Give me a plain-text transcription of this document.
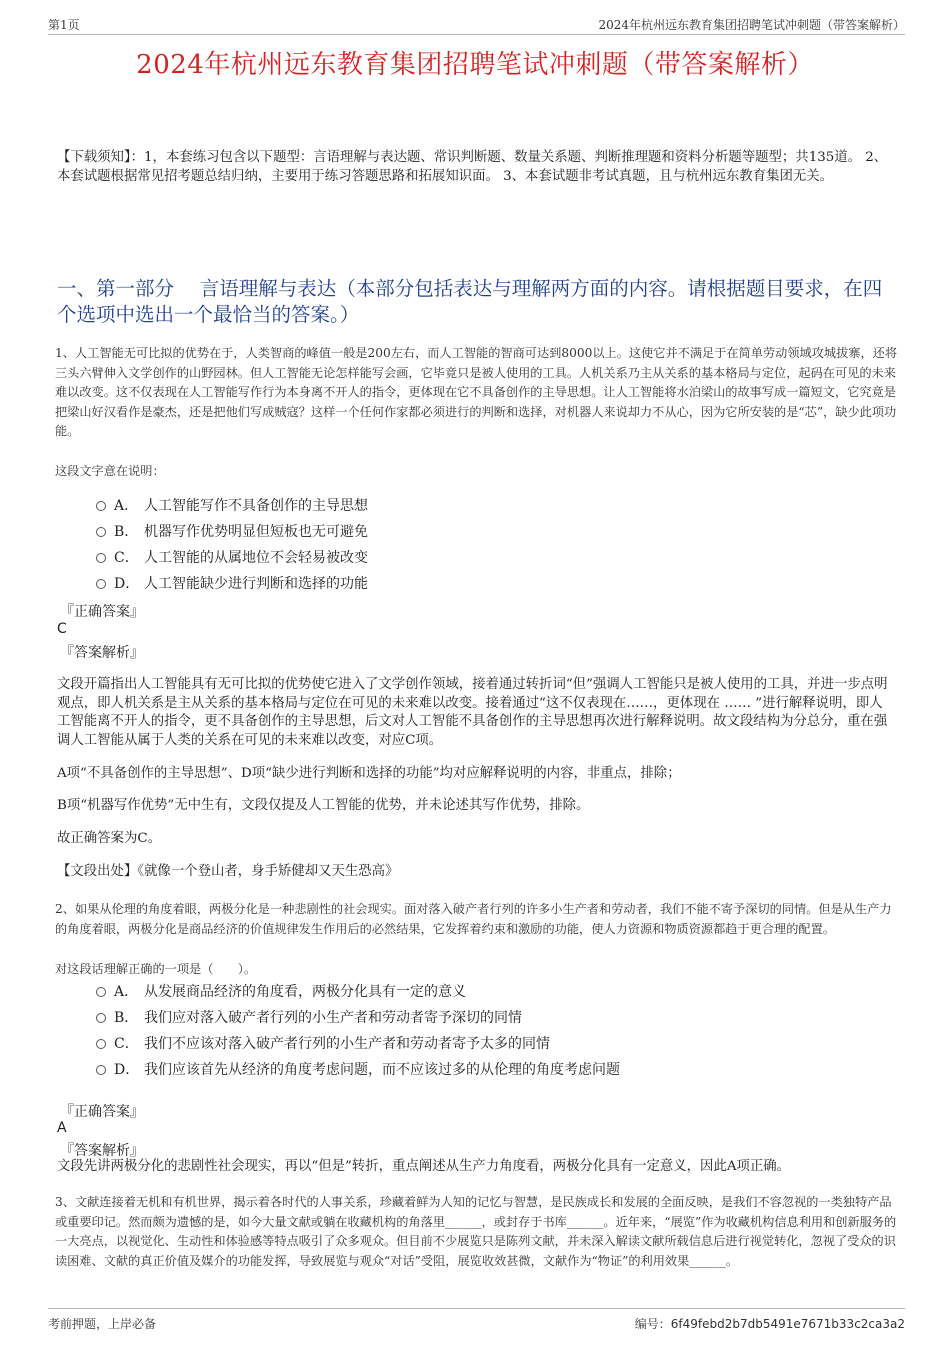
第1页	2024年杭州远东教育集团招聘笔试冲刺题（带答案解析）
2024年杭州远东教育集团招聘笔试冲刺题（带答案解析）
【下载须知】：1，本套练习包含以下题型：言语理解与表达题、常识判断题、数量关系题、判断推理题和资料分析题等题型；共135道。 2、本套试题根据常见招考题总结归纳，主要用于练习答题思路和拓展知识面。 3、本套试题非考试真题，且与杭州远东教育集团无关。
一、第一部分　 言语理解与表达（本部分包括表达与理解两方面的内容。请根据题目要求，在四个选项中选出一个最恰当的答案。）
1、人工智能无可比拟的优势在于，人类智商的峰值一般是200左右，而人工智能的智商可达到8000以上。这使它并不满足于在简单劳动领域攻城拔寨，还将三头六臂伸入文学创作的山野园林。但人工智能无论怎样能写会画，它毕竟只是被人使用的工具。人机关系乃主从关系的基本格局与定位，起码在可见的未来难以改变。这不仅表现在人工智能写作行为本身离不开人的指令，更体现在它不具备创作的主导思想。让人工智能将水泊梁山的故事写成一篇短文，它究竟是把梁山好汉看作是豪杰，还是把他们写成贼寇？这样一个任何作家都必须进行的判断和选择，对机器人来说却力不从心，因为它所安装的是“芯”，缺少此项功能。
这段文字意在说明：
A． 人工智能写作不具备创作的主导思想
B． 机器写作优势明显但短板也无可避免
C． 人工智能的从属地位不会轻易被改变
D． 人工智能缺少进行判断和选择的功能
『正确答案』
C
『答案解析』
文段开篇指出人工智能具有无可比拟的优势使它进入了文学创作领域，接着通过转折词“但”强调人工智能只是被人使用的工具，并进一步点明观点，即人机关系是主从关系的基本格局与定位在可见的未来难以改变。接着通过“这不仅表现在……，更体现在 …… ”进行解释说明，即人工智能离不开人的指令，更不具备创作的主导思想，后文对人工智能不具备创作的主导思想再次进行解释说明。故文段结构为分总分，重在强调人工智能从属于人类的关系在可见的未来难以改变，对应C项。
A项“不具备创作的主导思想”、D项“缺少进行判断和选择的功能”均对应解释说明的内容，非重点，排除；
B项“机器写作优势”无中生有，文段仅提及人工智能的优势，并未论述其写作优势，排除。
故正确答案为C。
【文段出处】《就像一个登山者，身手矫健却又天生恐高》
2、如果从伦理的角度着眼，两极分化是一种悲剧性的社会现实。面对落入破产者行列的许多小生产者和劳动者，我们不能不寄予深切的同情。但是从生产力的角度着眼，两极分化是商品经济的价值规律发生作用后的必然结果，它发挥着约束和激励的功能，使人力资源和物质资源都趋于更合理的配置。
对这段话理解正确的一项是（　　）。
A． 从发展商品经济的角度看，两极分化具有一定的意义
B． 我们应对落入破产者行列的小生产者和劳动者寄予深切的同情
C． 我们不应该对落入破产者行列的小生产者和劳动者寄予太多的同情
D． 我们应该首先从经济的角度考虑问题，而不应该过多的从伦理的角度考虑问题
『正确答案』
A
『答案解析』
文段先讲两极分化的悲剧性社会现实，再以“但是”转折，重点阐述从生产力角度看，两极分化具有一定意义，因此A项正确。
3、文献连接着无机和有机世界，揭示着各时代的人事关系，珍藏着鲜为人知的记忆与智慧，是民族成长和发展的全面反映，是我们不容忽视的一类独特产品或重要印记。然而颇为遗憾的是，如今大量文献或躺在收藏机构的角落里______，或封存于书库______。近年来，“展览”作为收藏机构信息利用和创新服务的一大亮点，以视觉化、生动性和体验感等特点吸引了众多观众。但目前不少展览只是陈列文献，并未深入解读文献所载信息后进行视觉转化，忽视了受众的识读困难、文献的真正价值及媒介的功能发挥，导致展览与观众“对话”受阻，展览收效甚微，文献作为“物证”的利用效果______。
考前押题，上岸必备	编号：6f49febd2b7db5491e7671b33c2ca3a2
